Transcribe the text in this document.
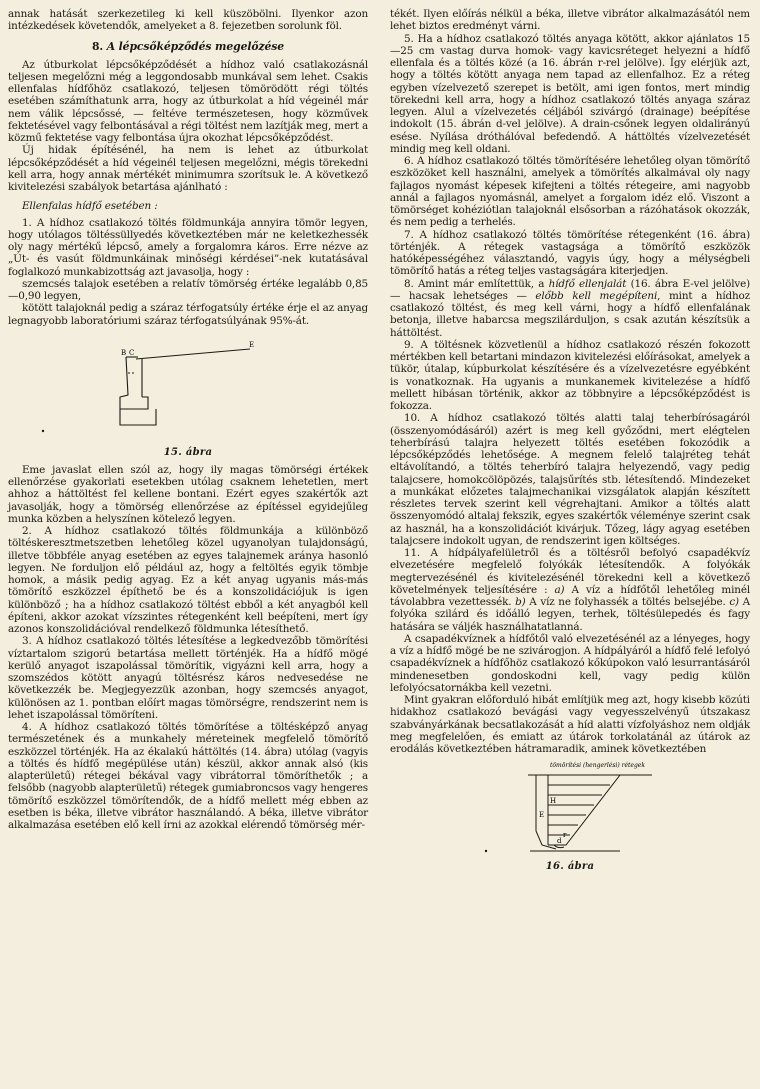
annak hatását szerkezetileg ki kell küszöbölni. Ilyenkor azon intézkedések követendők, amelyeket a 8. fejezetben sorolunk föl.

8. A lépcsőképződés megelőzése

Az útburkolat lépcsőképződését a hídhoz való csatlakozásnál teljesen megelőzni még a leggondosabb munkával sem lehet. Csakis ellenfalas hídfőhöz csatlakozó, teljesen tömörödött régi töltés esetében számíthatunk arra, hogy az útburkolat a híd végeinél már nem válik lépcsőssé, — feltéve természetesen, hogy közművek fektetésével vagy felbontásával a régi töltést nem lazítják meg, mert a közmű fektetése vagy felbontása újra okozhat lépcsőképződést.

Új hidak építésénél, ha nem is lehet az útburkolat lépcsőképződését a híd végeinél teljesen megelőzni, mégis törekedni kell arra, hogy annak mértékét minimumra szorítsuk le. A következő kivitelezési szabályok betartása ajánlható :

Ellenfalas hídfő esetében :

1. A hídhoz csatlakozó töltés földmunkája annyira tömör legyen, hogy utólagos töltéssüllyedés következtében már ne keletkezhessék oly nagy mértékű lépcső, amely a forgalomra káros. Erre nézve az „Út- és vasút földmunkáinak minőségi kérdései”-nek kutatásával foglalkozó munkabizottság azt javasolja, hogy :

szemcsés talajok esetében a relatív tömörség értéke legalább 0,85—0,90 legyen,

kötött talajoknál pedig a száraz térfogatsúly értéke érje el az anyag legnagyobb laboratóriumi száraz térfogatsúlyának 95%-át.

B C
E
15. ábra

Eme javaslat ellen szól az, hogy ily magas tömörségi értékek ellenőrzése gyakorlati esetekben utólag csaknem lehetetlen, mert ahhoz a háttöltést fel kellene bontani. Ezért egyes szakértők azt javasolják, hogy a tömörség ellenőrzése az építéssel egyidejűleg munka közben a helyszínen kötelező legyen.

2. A hídhoz csatlakozó töltés földmunkája a különböző töltéskeresztmetszetben lehetőleg közel ugyanolyan tulajdonságú, illetve többféle anyag esetében az egyes talajnemek aránya hasonló legyen. Ne forduljon elő például az, hogy a feltöltés egyik tömbje homok, a másik pedig agyag. Ez a két anyag ugyanis más-más tömörítő eszközzel építhető be és a konszolidációjuk is igen különböző ; ha a hídhoz csatlakozó töltést ebből a két anyagból kell építeni, akkor azokat vízszintes rétegenként kell beépíteni, mert így azonos konszolidációval rendelkező földmunka létesíthető.

3. A hídhoz csatlakozó töltés létesítése a legkedvezőbb tömörítési víztartalom szigorú betartása mellett történjék. Ha a hídfő mögé kerülő anyagot iszapolással tömörítik, vigyázni kell arra, hogy a szomszédos kötött anyagú töltésrész káros nedvesedése ne következzék be. Megjegyezzük azonban, hogy szemcsés anyagot, különösen az 1. pontban előírt magas tömörségre, rendszerint nem is lehet iszapolással tömöríteni.

4. A hídhoz csatlakozó töltés tömörítése a töltésképző anyag természetének és a munkahely méreteinek megfelelő tömörítő eszközzel történjék. Ha az ékalakú háttöltés (14. ábra) utólag (vagyis a töltés és hídfő megépülése után) készül, akkor annak alsó (kis alapterületű) rétegei békával vagy vibrátorral tömöríthetők ; a felsőbb (nagyobb alapterületű) rétegek gumiabroncsos vagy hengeres tömörítő eszközzel tömörítendők, de a hídfő mellett még ebben az esetben is béka, illetve vibrátor használandó. A béka, illetve vibrátor alkalmazása esetében elő kell írni az azokkal elérendő tömörség mér-

tékét. Ilyen előírás nélkül a béka, illetve vibrátor alkalmazásától nem lehet biztos eredményt várni.

5. Ha a hídhoz csatlakozó töltés anyaga kötött, akkor ajánlatos 15—25 cm vastag durva homok- vagy kavicsréteget helyezni a hídfő ellenfala és a töltés közé (a 16. ábrán r-rel jelölve). Így elérjük azt, hogy a töltés kötött anyaga nem tapad az ellenfalhoz. Ez a réteg egyben vízelvezető szerepet is betölt, ami igen fontos, mert mindig törekedni kell arra, hogy a hídhoz csatlakozó töltés anyaga száraz legyen. Alul a vízelvezetés céljából szivárgó (drainage) beépítése indokolt (15. ábrán d-vel jelölve). A drain-csőnek legyen oldalirányú esése. Nyílása dróthálóval befedendő. A háttöltés vízelvezetését mindig meg kell oldani.

6. A hídhoz csatlakozó töltés tömörítésére lehetőleg olyan tömörítő eszközöket kell használni, amelyek a tömörítés alkalmával oly nagy fajlagos nyomást képesek kifejteni a töltés rétegeire, ami nagyobb annál a fajlagos nyomásnál, amelyet a forgalom idéz elő. Viszont a tömörséget kohéziótlan talajoknál elsősorban a rázóhatások okozzák, és nem pedig a terhelés.

7. A hídhoz csatlakozó töltés tömörítése rétegenként (16. ábra) történjék. A rétegek vastagsága a tömörítő eszközök hatóképességéhez választandó, vagyis úgy, hogy a mélységbeli tömörítő hatás a réteg teljes vastagságára kiterjedjen.

8. Amint már említettük, a hídfő ellenjalát (16. ábra E-vel jelölve) — hacsak lehetséges — előbb kell megépíteni, mint a hídhoz csatlakozó töltést, és meg kell várni, hogy a hídfő ellenfalának betonja, illetve habarcsa megszilárduljon, s csak azután készítsük a háttöltést.

9. A töltésnek közvetlenül a hídhoz csatlakozó részén fokozott mértékben kell betartani mindazon kivitelezési előírásokat, amelyek a tükör, útalap, kúpburkolat készítésére és a vízelvezetésre egyébként is vonatkoznak. Ha ugyanis a munkanemek kivitelezése a hídfő mellett hibásan történik, akkor az többnyire a lépcsőképződést is fokozza.

10. A hídhoz csatlakozó töltés alatti talaj teherbírósagáról (összenyomódásáról) azért is meg kell győződni, mert elégtelen teherbírású talajra helyezett töltés esetében fokozódik a lépcsőképződés lehetősége. A megnem felelő talajréteg tehát eltávolítandó, a töltés teherbíró talajra helyezendő, vagy pedig talajcsere, homokcölöpözés, talajsűrítés stb. létesítendő. Mindezeket a munkákat előzetes talajmechanikai vizsgálatok alapján készített részletes tervek szerint kell végrehajtani. Amikor a töltés alatt összenyomódó altalaj fekszik, egyes szakértők véleménye szerint csak az használ, ha a konszolidációt kivárjuk. Tőzeg, lágy agyag esetében talajcsere indokolt ugyan, de rendszerint igen költséges.

11. A hídpályafelületről és a töltésről befolyó csapadékvíz elvezetésére megfelelő folyókák létesítendők. A folyókák megtervezésénél és kivitelezésénél törekedni kell a következő követelmények teljesítésére : a) A víz a hídfőtől lehetőleg minél távolabbra vezettessék. b) A víz ne folyhassék a töltés belsejébe. c) A folyóka szilárd és időálló legyen, terhek, töltésülepedés és fagy hatására se váljék használhatatlanná.

A csapadékvíznek a hídfőtől való elvezetésénél az a lényeges, hogy a víz a hídfő mögé be ne szivárogjon. A hídpályáról a hídfő felé lefolyó csapadékvíznek a hídfőhöz csatlakozó kőkúpokon való lesurrantásáról mindenesetben gondoskodni kell, vagy pedig külön lefolyócsatornákba kell vezetni.

Mint gyakran előforduló hibát említjük meg azt, hogy kisebb közúti hidakhoz csatlakozó bevágási vagy vegyesszelvényű útszakasz szabványárkának becsatlakozását a híd alatti vízfolyáshoz nem oldják meg megfelelően, és emiatt az útárok torkolatánál az útárok az erodálás következtében hátramaradik, aminek következtében

tömörítési (hengerlési) rétegek
H
E
r
d
16. ábra
